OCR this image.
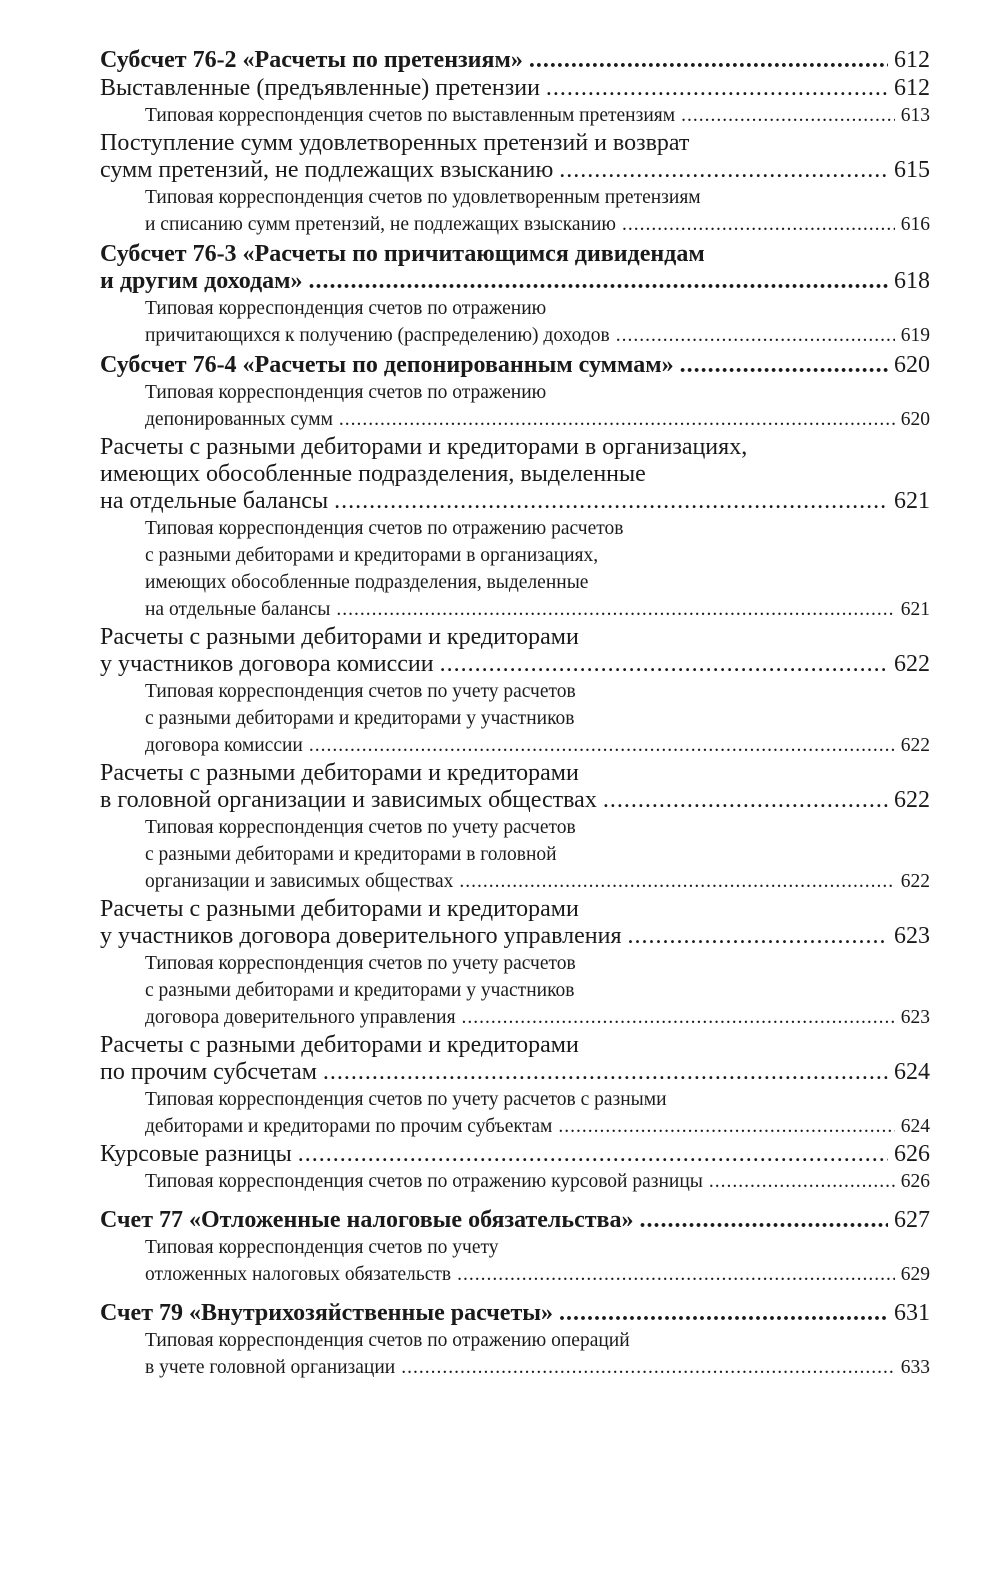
Субсчет 76-2 «Расчеты по претензиям» .....	612
Выставленные (предъявленные) претензии .....	612
Типовая корреспонденция счетов по выставленным претензиям .....	613
Поступление сумм удовлетворенных претензий и возврат
сумм претензий, не подлежащих взысканию .....	615
Типовая корреспонденция счетов по удовлетворенным претензиям
и списанию сумм претензий, не подлежащих взысканию .....	616
Субсчет 76-3 «Расчеты по причитающимся дивидендам
и другим доходам» .....	618
Типовая корреспонденция счетов по отражению
причитающихся к получению (распределению) доходов .....	619
Субсчет 76-4 «Расчеты по депонированным суммам» .....	620
Типовая корреспонденция счетов по отражению
депонированных сумм .....	620
Расчеты с разными дебиторами и кредиторами в организациях,
имеющих обособленные подразделения, выделенные
на отдельные балансы .....	621
Типовая корреспонденция счетов по отражению расчетов
с разными дебиторами и кредиторами в организациях,
имеющих обособленные подразделения, выделенные
на отдельные балансы .....	621
Расчеты с разными дебиторами и кредиторами
у участников договора комиссии .....	622
Типовая корреспонденция счетов по учету расчетов
с разными дебиторами и кредиторами у участников
договора комиссии .....	622
Расчеты с разными дебиторами и кредиторами
в головной организации и зависимых обществах .....	622
Типовая корреспонденция счетов по учету расчетов
с разными дебиторами и кредиторами в головной
организации и зависимых обществах .....	622
Расчеты с разными дебиторами и кредиторами
у участников договора доверительного управления .....	623
Типовая корреспонденция счетов по учету расчетов
с разными дебиторами и кредиторами у участников
договора доверительного управления .....	623
Расчеты с разными дебиторами и кредиторами
по прочим субсчетам .....	624
Типовая корреспонденция счетов по учету расчетов с разными
дебиторами и кредиторами по прочим субъектам .....	624
Курсовые разницы .....	626
Типовая корреспонденция счетов по отражению курсовой разницы .....	626
Счет 77 «Отложенные налоговые обязательства» .....	627
Типовая корреспонденция счетов по учету
отложенных налоговых обязательств .....	629
Счет 79 «Внутрихозяйственные расчеты» .....	631
Типовая корреспонденция счетов по отражению операций
в учете головной организации .....	633
